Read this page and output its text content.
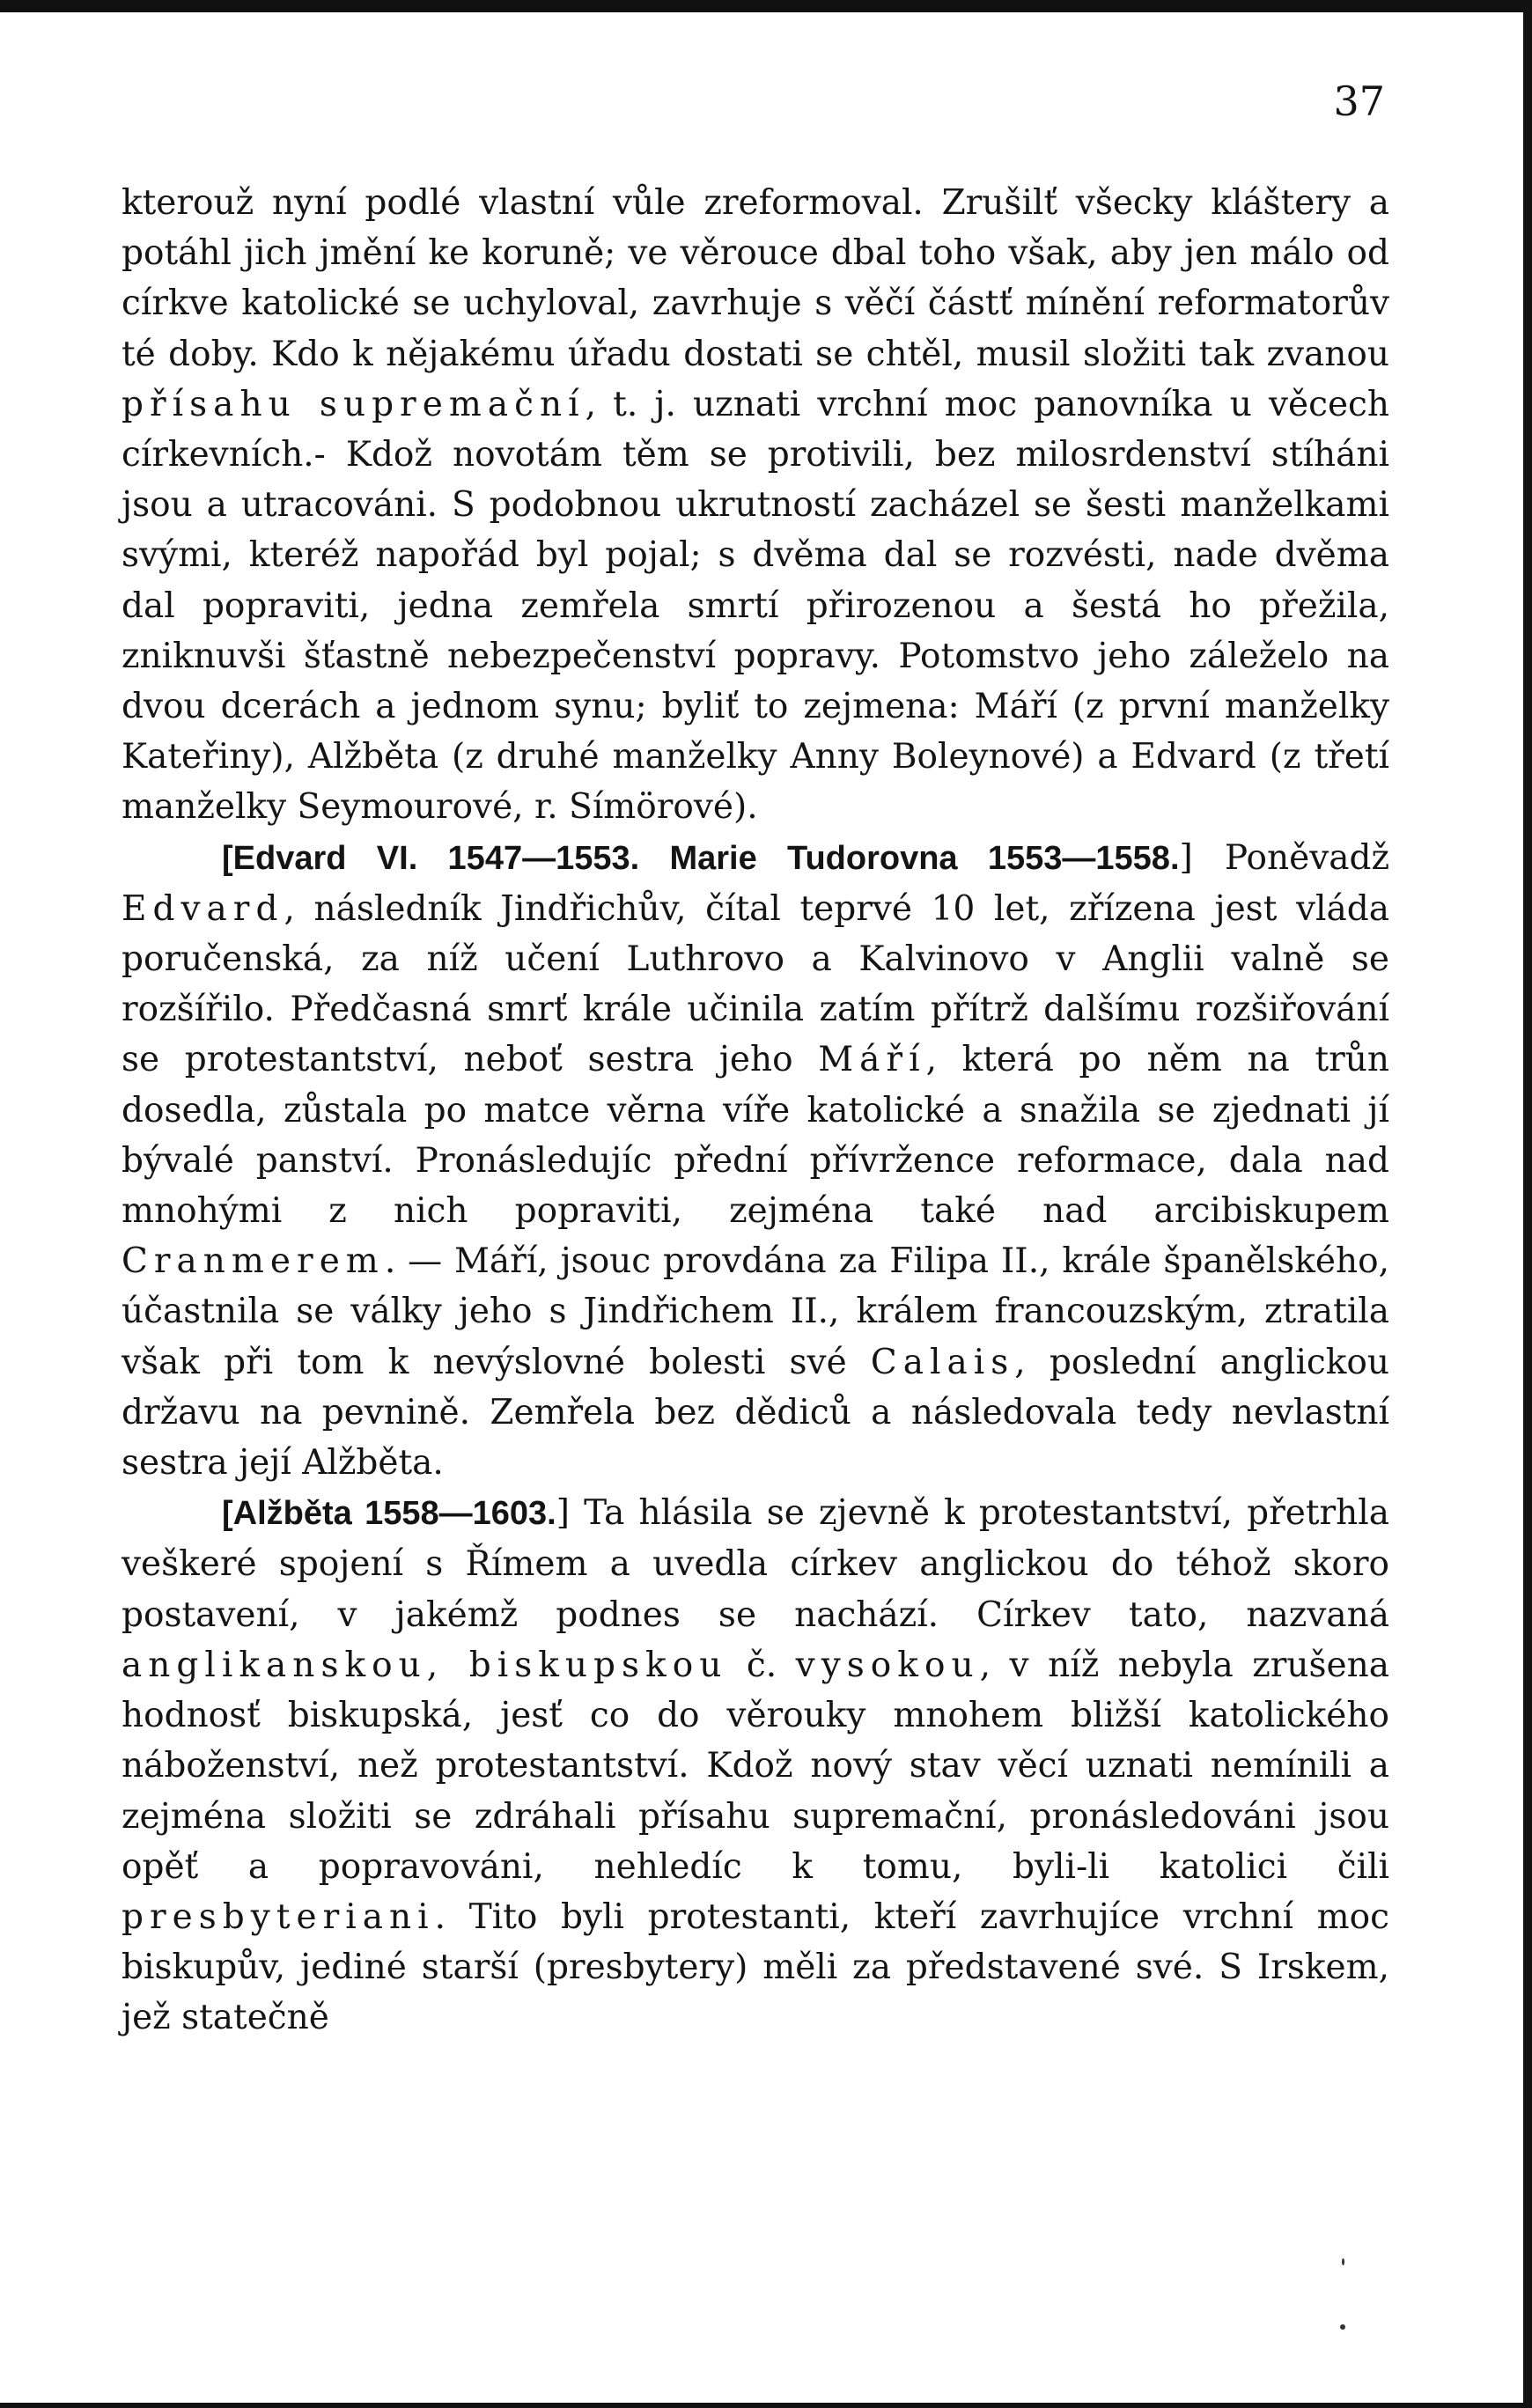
37

kterouž nyní podlé vlastní vůle zreformoval. Zrušilť všecky kláštery a potáhl jich jmění ke koruně; ve věrouce dbal toho však, aby jen málo od církve katolické se uchyloval, zavrhuje s věčí částť mínění reformatorův té doby. Kdo k nějakému úřadu dostati se chtěl, musil složiti tak zvanou přísahu supremační, t. j. uznati vrchní moc panovníka u věcech církevních.- Kdož novotám těm se protivili, bez milosrdenství stíháni jsou a utracováni. S podobnou ukrutností zacházel se šesti manželkami svými, kteréž napořád byl pojal; s dvěma dal se rozvésti, nade dvěma dal popraviti, jedna zemřela smrtí přirozenou a šestá ho přežila, zniknuvši šťastně nebezpečenství popravy. Potomstvo jeho záleželo na dvou dcerách a jednom synu; byliť to zejmena: Máří (z první manželky Kateřiny), Alžběta (z druhé manželky Anny Boleynové) a Edvard (z třetí manželky Seymourové, r. Símörové).

[Edvard VI. 1547—1553. Marie Tudorovna 1553—1558.] Poněvadž Edvard, následník Jindřichův, čítal teprvé 10 let, zřízena jest vláda poručenská, za níž učení Luthrovo a Kalvinovo v Anglii valně se rozšířilo. Předčasná smrť krále učinila zatím přítrž dalšímu rozšiřování se protestantství, neboť sestra jeho Máří, která po něm na trůn dosedla, zůstala po matce věrna víře katolické a snažila se zjednati jí bývalé panství. Pronásledujíc přední přívržence reformace, dala nad mnohými z nich popraviti, zejména také nad arcibiskupem Cranmerem. — Máří, jsouc provdána za Filipa II., krále španělského, účastnila se války jeho s Jindřichem II., králem francouzským, ztratila však při tom k nevýslovné bolesti své Calais, poslední anglickou državu na pevnině. Zemřela bez dědiců a následovala tedy nevlastní sestra její Alžběta.

[Alžběta 1558—1603.] Ta hlásila se zjevně k protestantství, přetrhla veškeré spojení s Římem a uvedla církev anglickou do téhož skoro postavení, v jakémž podnes se nachází. Církev tato, nazvaná anglikanskou, biskupskou č. vysokou, v níž nebyla zrušena hodnosť biskupská, jesť co do věrouky mnohem bližší katolického náboženství, než protestantství. Kdož nový stav věcí uznati nemínili a zejména složiti se zdráhali přísahu supremační, pronásledováni jsou opěť a popravováni, nehledíc k tomu, byli-li katolici čili presbyteriani. Tito byli protestanti, kteří zavrhujíce vrchní moc biskupův, jediné starší (presbytery) měli za představené své. S Irskem, jež statečně
